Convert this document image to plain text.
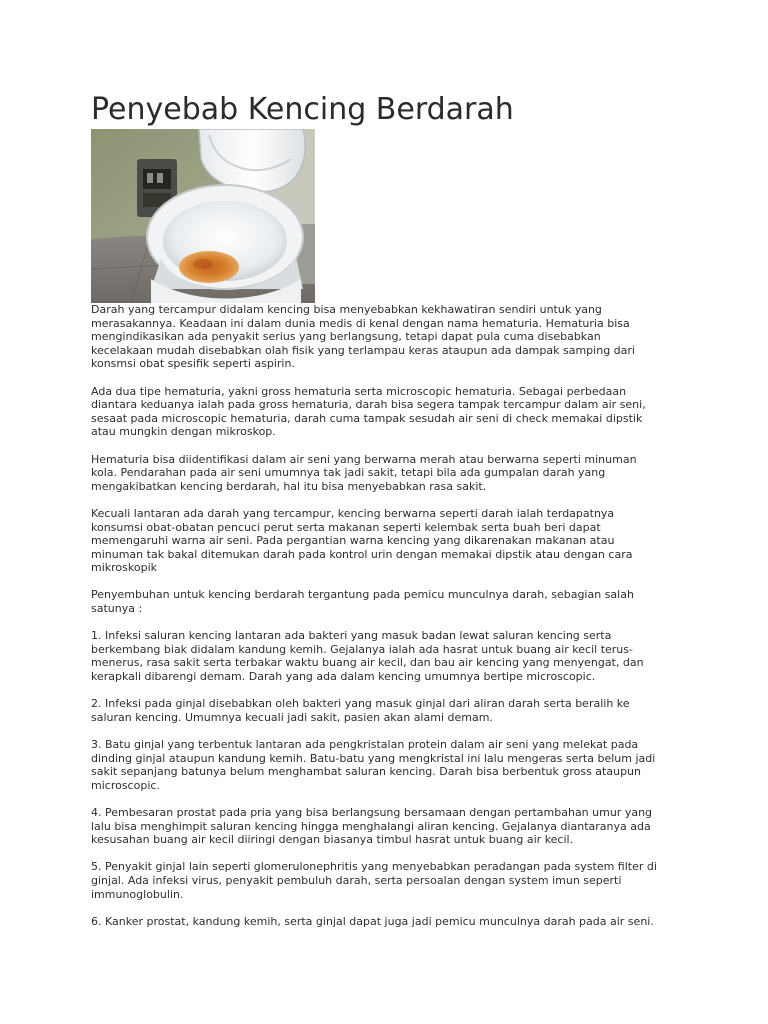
Penyebab Kencing Berdarah

Darah yang tercampur didalam kencing bisa menyebabkan kekhawatiran sendiri untuk yang
merasakannya. Keadaan ini dalam dunia medis di kenal dengan nama hematuria. Hematuria bisa
mengindikasikan ada penyakit serius yang berlangsung, tetapi dapat pula cuma disebabkan
kecelakaan mudah disebabkan olah fisik yang terlampau keras ataupun ada dampak samping dari
konsmsi obat spesifik seperti aspirin.

Ada dua tipe hematuria, yakni gross hematuria serta microscopic hematuria. Sebagai perbedaan
diantara keduanya ialah pada gross hematuria, darah bisa segera tampak tercampur dalam air seni,
sesaat pada microscopic hematuria, darah cuma tampak sesudah air seni di check memakai dipstik
atau mungkin dengan mikroskop.

Hematuria bisa diidentifikasi dalam air seni yang berwarna merah atau berwarna seperti minuman
kola. Pendarahan pada air seni umumnya tak jadi sakit, tetapi bila ada gumpalan darah yang
mengakibatkan kencing berdarah, hal itu bisa menyebabkan rasa sakit.

Kecuali lantaran ada darah yang tercampur, kencing berwarna seperti darah ialah terdapatnya
konsumsi obat-obatan pencuci perut serta makanan seperti kelembak serta buah beri dapat
memengaruhi warna air seni. Pada pergantian warna kencing yang dikarenakan makanan atau
minuman tak bakal ditemukan darah pada kontrol urin dengan memakai dipstik atau dengan cara
mikroskopik

Penyembuhan untuk kencing berdarah tergantung pada pemicu munculnya darah, sebagian salah
satunya :

1. Infeksi saluran kencing lantaran ada bakteri yang masuk badan lewat saluran kencing serta
berkembang biak didalam kandung kemih. Gejalanya ialah ada hasrat untuk buang air kecil terus-
menerus, rasa sakit serta terbakar waktu buang air kecil, dan bau air kencing yang menyengat, dan
kerapkali dibarengi demam. Darah yang ada dalam kencing umumnya bertipe microscopic.

2. Infeksi pada ginjal disebabkan oleh bakteri yang masuk ginjal dari aliran darah serta beralih ke
saluran kencing. Umumnya kecuali jadi sakit, pasien akan alami demam.

3. Batu ginjal yang terbentuk lantaran ada pengkristalan protein dalam air seni yang melekat pada
dinding ginjal ataupun kandung kemih. Batu-batu yang mengkristal ini lalu mengeras serta belum jadi
sakit sepanjang batunya belum menghambat saluran kencing. Darah bisa berbentuk gross ataupun
microscopic.

4. Pembesaran prostat pada pria yang bisa berlangsung bersamaan dengan pertambahan umur yang
lalu bisa menghimpit saluran kencing hingga menghalangi aliran kencing. Gejalanya diantaranya ada
kesusahan buang air kecil diiringi dengan biasanya timbul hasrat untuk buang air kecil.

5. Penyakit ginjal lain seperti glomerulonephritis yang menyebabkan peradangan pada system filter di
ginjal. Ada infeksi virus, penyakit pembuluh darah, serta persoalan dengan system imun seperti
immunoglobulin.

6. Kanker prostat, kandung kemih, serta ginjal dapat juga jadi pemicu munculnya darah pada air seni.
